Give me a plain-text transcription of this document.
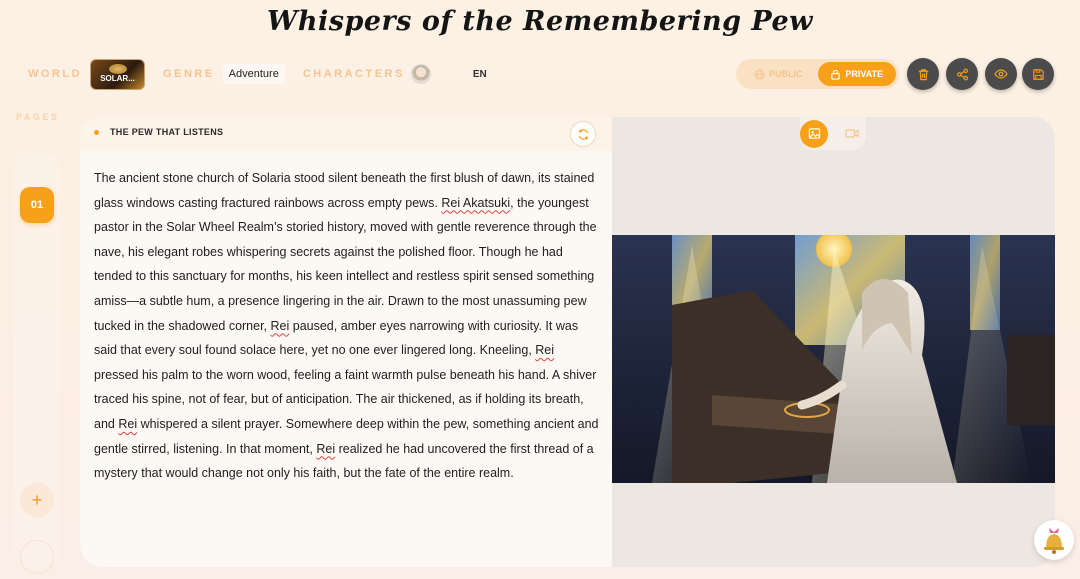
Whispers of the Remembering Pew
WORLD	SOLAR...	GENRE	Adventure	CHARACTERS	EN	PUBLIC	PRIVATE
PAGES
01
+
THE PEW THAT LISTENS
The ancient stone church of Solaria stood silent beneath the first blush of dawn, its stained glass windows casting fractured rainbows across empty pews. Rei Akatsuki, the youngest pastor in the Solar Wheel Realm’s storied history, moved with gentle reverence through the nave, his elegant robes whispering secrets against the polished floor. Though he had tended to this sanctuary for months, his keen intellect and restless spirit sensed something amiss—a subtle hum, a presence lingering in the air. Drawn to the most unassuming pew tucked in the shadowed corner, Rei paused, amber eyes narrowing with curiosity. It was said that every soul found solace here, yet no one ever lingered long. Kneeling, Rei pressed his palm to the worn wood, feeling a faint warmth pulse beneath his hand. A shiver traced his spine, not of fear, but of anticipation. The air thickened, as if holding its breath, and Rei whispered a silent prayer. Somewhere deep within the pew, something ancient and gentle stirred, listening. In that moment, Rei realized he had uncovered the first thread of a mystery that would change not only his faith, but the fate of the entire realm.
